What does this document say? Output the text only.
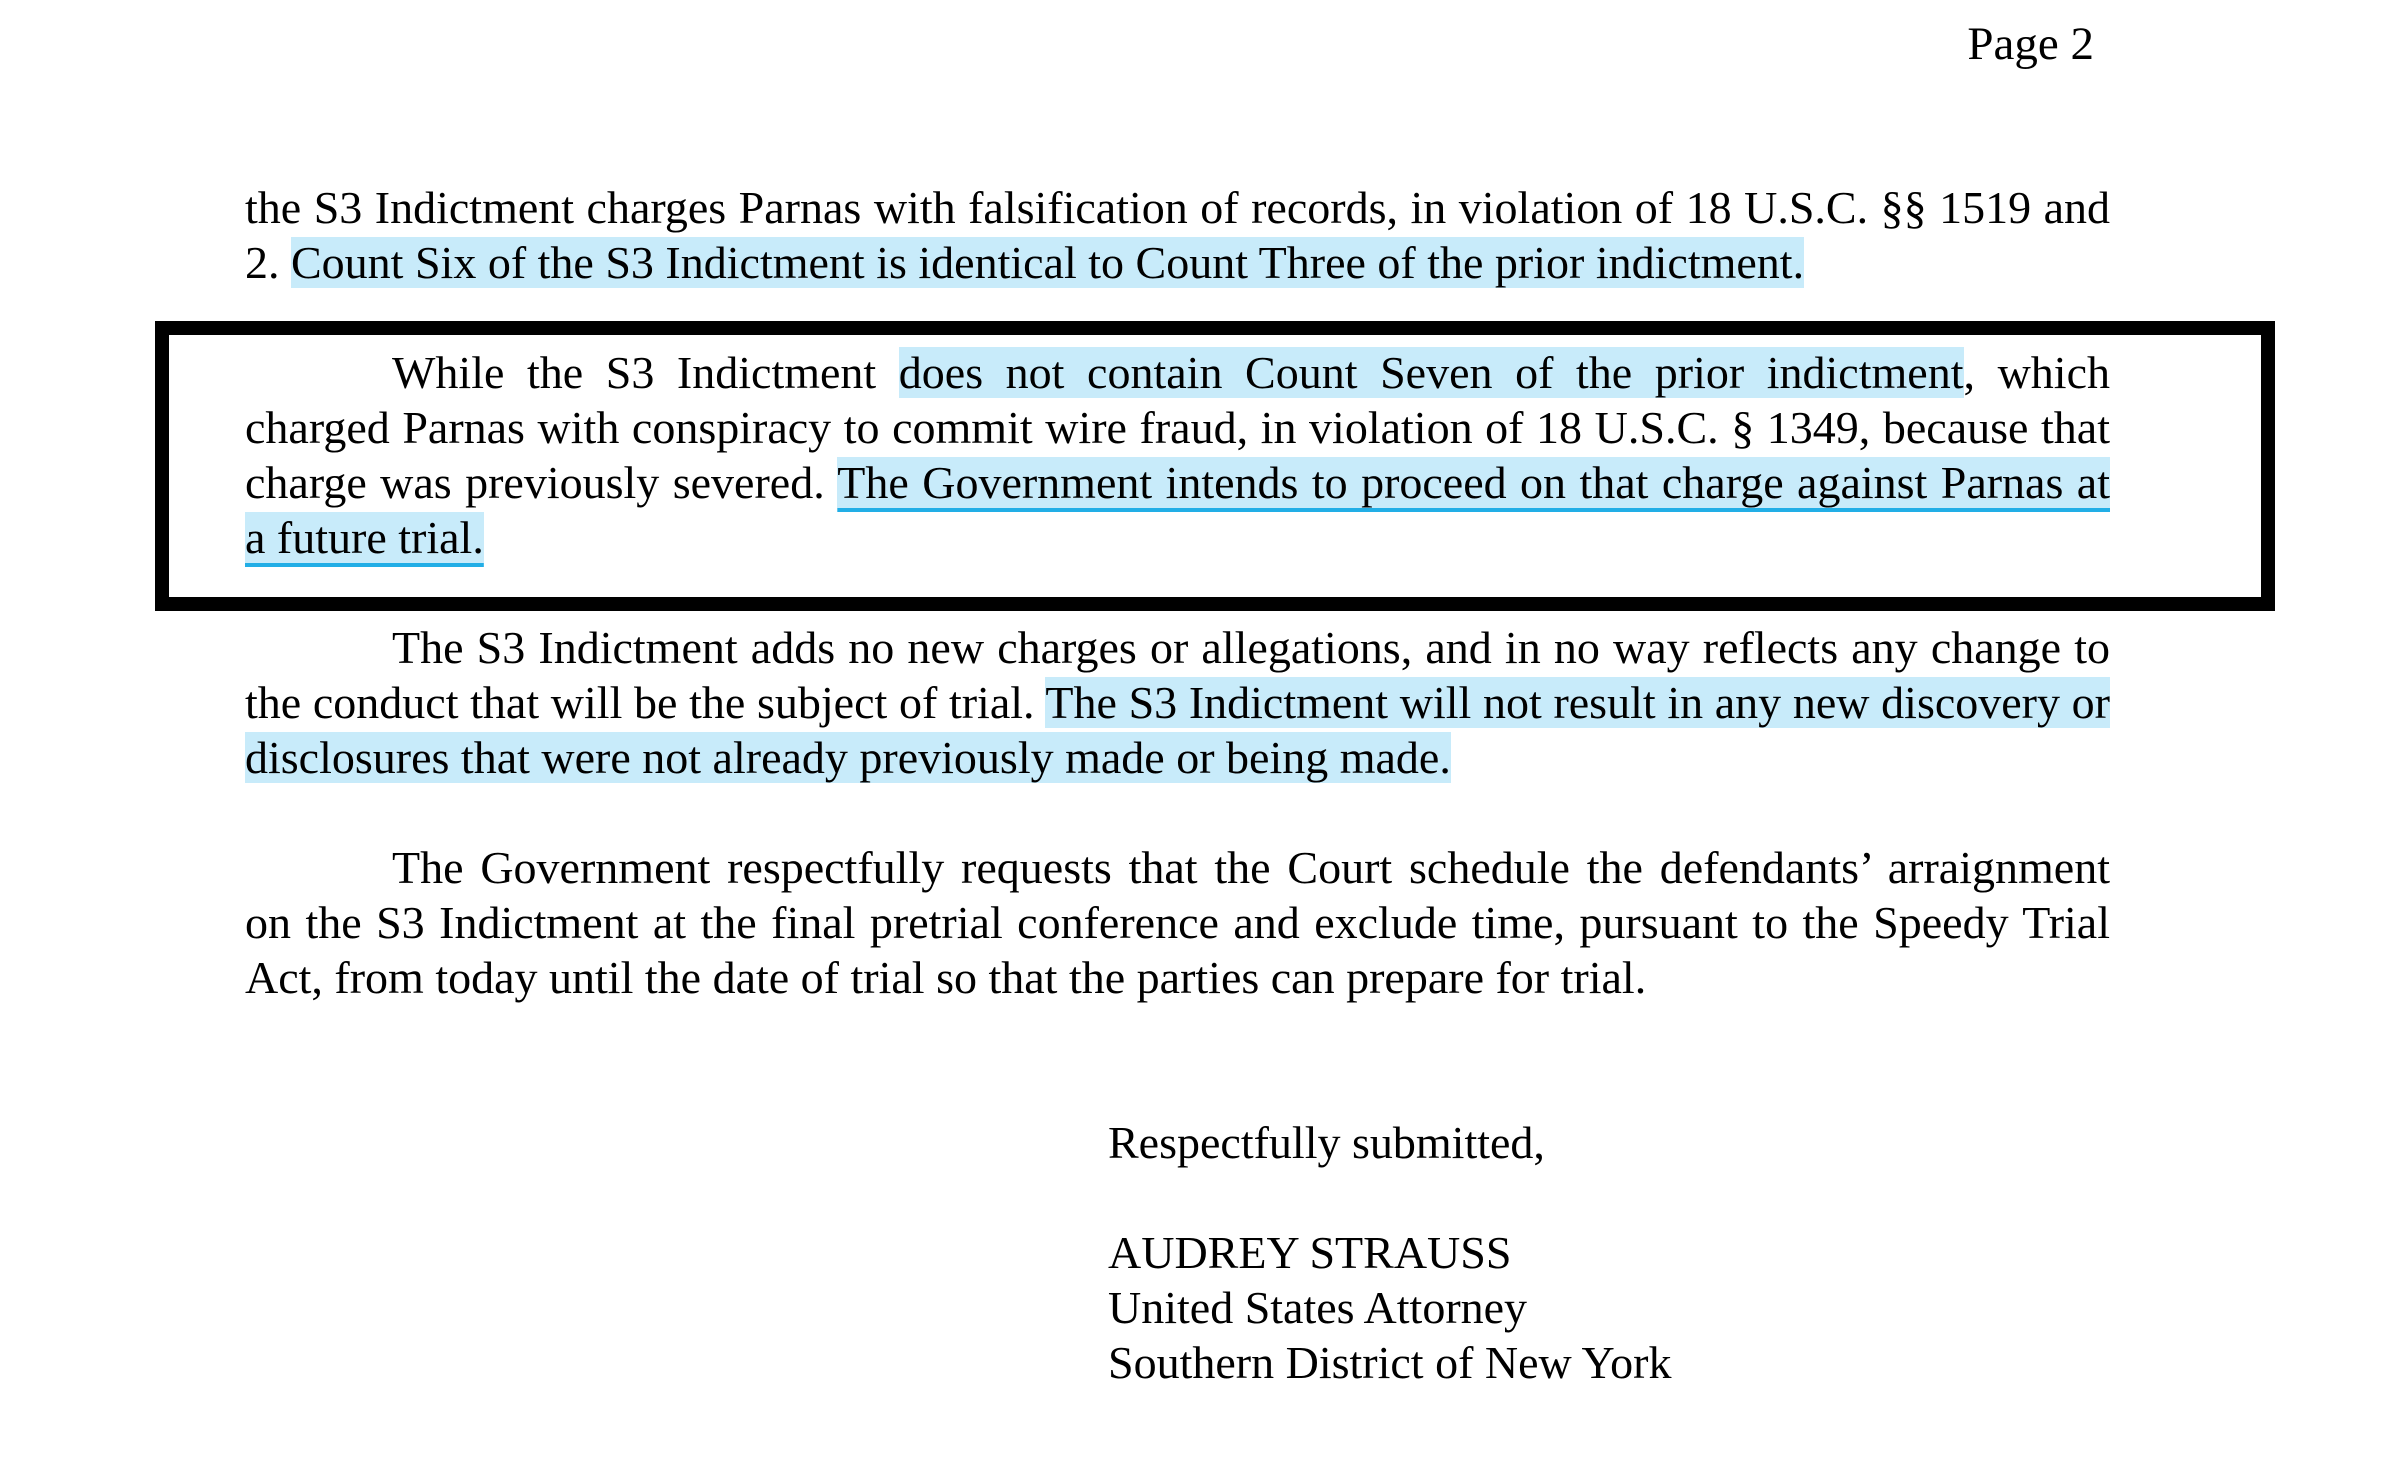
Page 2

the S3 Indictment charges Parnas with falsification of records, in violation of 18 U.S.C. §§ 1519 and 2. Count Six of the S3 Indictment is identical to Count Three of the prior indictment.

While the S3 Indictment does not contain Count Seven of the prior indictment, which charged Parnas with conspiracy to commit wire fraud, in violation of 18 U.S.C. § 1349, because that charge was previously severed. The Government intends to proceed on that charge against Parnas at a future trial.

The S3 Indictment adds no new charges or allegations, and in no way reflects any change to the conduct that will be the subject of trial. The S3 Indictment will not result in any new discovery or disclosures that were not already previously made or being made.

The Government respectfully requests that the Court schedule the defendants’ arraignment on the S3 Indictment at the final pretrial conference and exclude time, pursuant to the Speedy Trial Act, from today until the date of trial so that the parties can prepare for trial.

Respectfully submitted,
AUDREY STRAUSS
United States Attorney
Southern District of New York
